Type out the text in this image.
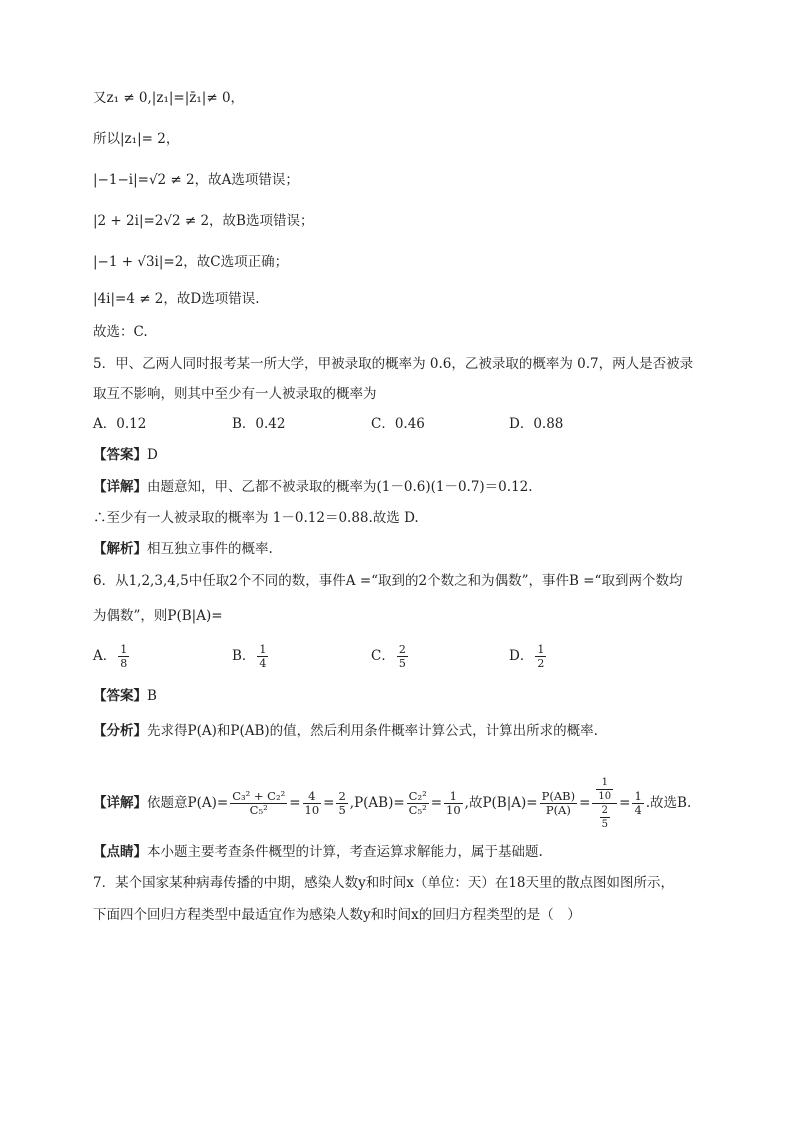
又z₁ ≠ 0,|z₁|=|z̄₁|≠ 0，
所以|z₁|= 2，
|−1−i|=√2 ≠ 2，故A选项错误；
|2 + 2i|=2√2 ≠ 2，故B选项错误；
|−1 + √3i|=2，故C选项正确；
|4i|=4 ≠ 2，故D选项错误.
故选：C.
5．甲、乙两人同时报考某一所大学，甲被录取的概率为 0.6，乙被录取的概率为 0.7，两人是否被录
取互不影响，则其中至少有一人被录取的概率为
A．0.12	B．0.42	C．0.46	D．0.88
【答案】D
【详解】由题意知，甲、乙都不被录取的概率为(1－0.6)(1－0.7)＝0.12.
∴至少有一人被录取的概率为 1－0.12＝0.88.故选 D.
【解析】相互独立事件的概率.
6．从1,2,3,4,5中任取2个不同的数，事件A =“取到的2个数之和为偶数”，事件B =“取到两个数均
为偶数”，则P(B|A)=
A． $\frac{1}{8}$	B． $\frac{1}{4}$	C． $\frac{2}{5}$	D． $\frac{1}{2}$
【答案】B
【分析】先求得P(A)和P(AB)的值，然后利用条件概率计算公式，计算出所求的概率.
【详解】依题意$P(A)= \frac{\text{C₃² + C₂²}}{\text{C₅²}} = \frac{4}{10} = \frac{2}{5} ,P(AB)= \frac{\text{C₂²}}{\text{C₅²}} = \frac{1}{10}$ ,故$P(B|A)= \frac{P(AB)}{P(A)} = \frac{\frac{1}{10}}{\frac{2}{5}} = \frac{1}{4}$ .故选B.
【点睛】本小题主要考查条件概型的计算，考查运算求解能力，属于基础题.
7．某个国家某种病毒传播的中期，感染人数y和时间x（单位：天）在18天里的散点图如图所示，
下面四个回归方程类型中最适宜作为感染人数y和时间x的回归方程类型的是（　）
